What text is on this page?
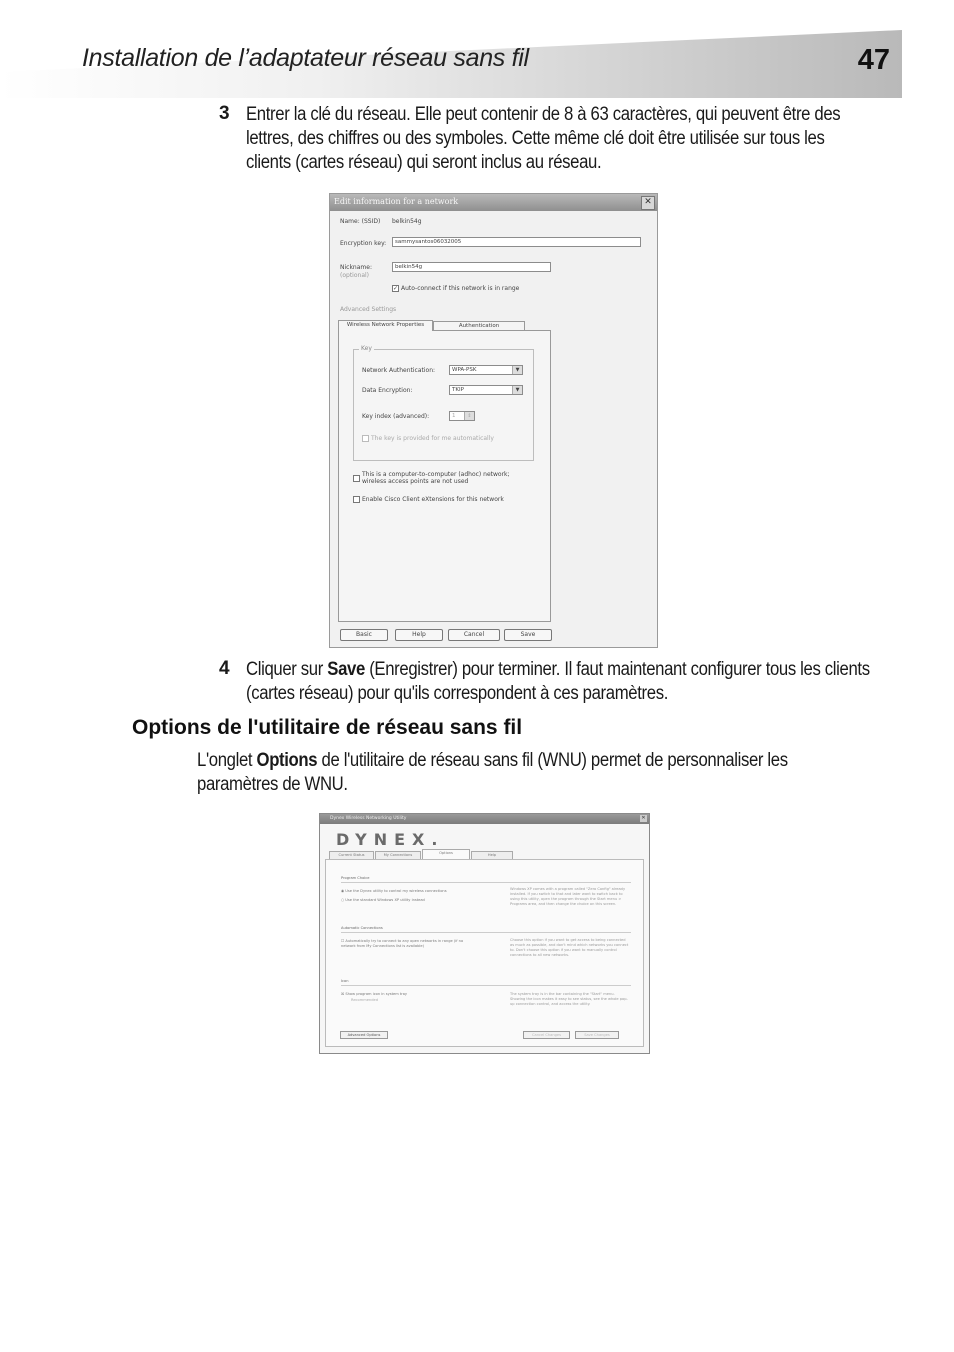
Installation de l’adaptateur réseau sans fil	47
3 Entrer la clé du réseau. Elle peut contenir de 8 à 63 caractères, qui peuvent être des lettres, des chiffres ou des symboles. Cette même clé doit être utilisée sur tous les clients (cartes réseau) qui seront inclus au réseau.
Edit information for a network	✕
Name: (SSID) belkin54g
Encryption key:	sammysantos06032005
Nickname:
(optional)
belkin54g
✓ Auto-connect if this network is in range
Advanced Settings
Key
Network Authentication:	WPA-PSK	▼
Data Encryption:	TKIP	▼
Key index (advanced):	1	⇕
The key is provided for me automatically
This is a computer-to-computer (adhoc) network; wireless access points are not used
Enable Cisco Client eXtensions for this network
Wireless Network Properties	Authentication
Basic	Help	Cancel	Save
4 Cliquer sur Save (Enregistrer) pour terminer. Il faut maintenant configurer tous les clients (cartes réseau) pour qu'ils correspondent à ces paramètres.
Options de l'utilitaire de réseau sans fil
L'onglet Options de l'utilitaire de réseau sans fil (WNU) permet de personnaliser les paramètres de WNU.
Dynex Wireless Networking Utility	✕
DYNEX.
Current Status	My Connections	Options	Help
Program Choice
◉ Use the Dynex utility to control my wireless connections
○ Use the standard Windows XP utility instead
Windows XP comes with a program called "Zero Config" already installed. If you switch to that and later want to switch back to using this utility, open the program through the Start menu > Programs area, and then change the choice on this screen.
Automatic Connections
☐ Automatically try to connect to any open networks in range (if no network from My Connections list is available)
Choose this option if you want to get access to being connected as much as possible, and don't mind which networks you connect to. Don't choose this option if you want to manually control connections to all new networks.
Icon
☒ Show program icon in system tray
Recommended
The system tray is in the bar containing the "Start" menu. Showing the icon makes it easy to see status, see the whole pop-up connection control, and access the utility.
Advanced Options	Cancel Changes	Save Changes
